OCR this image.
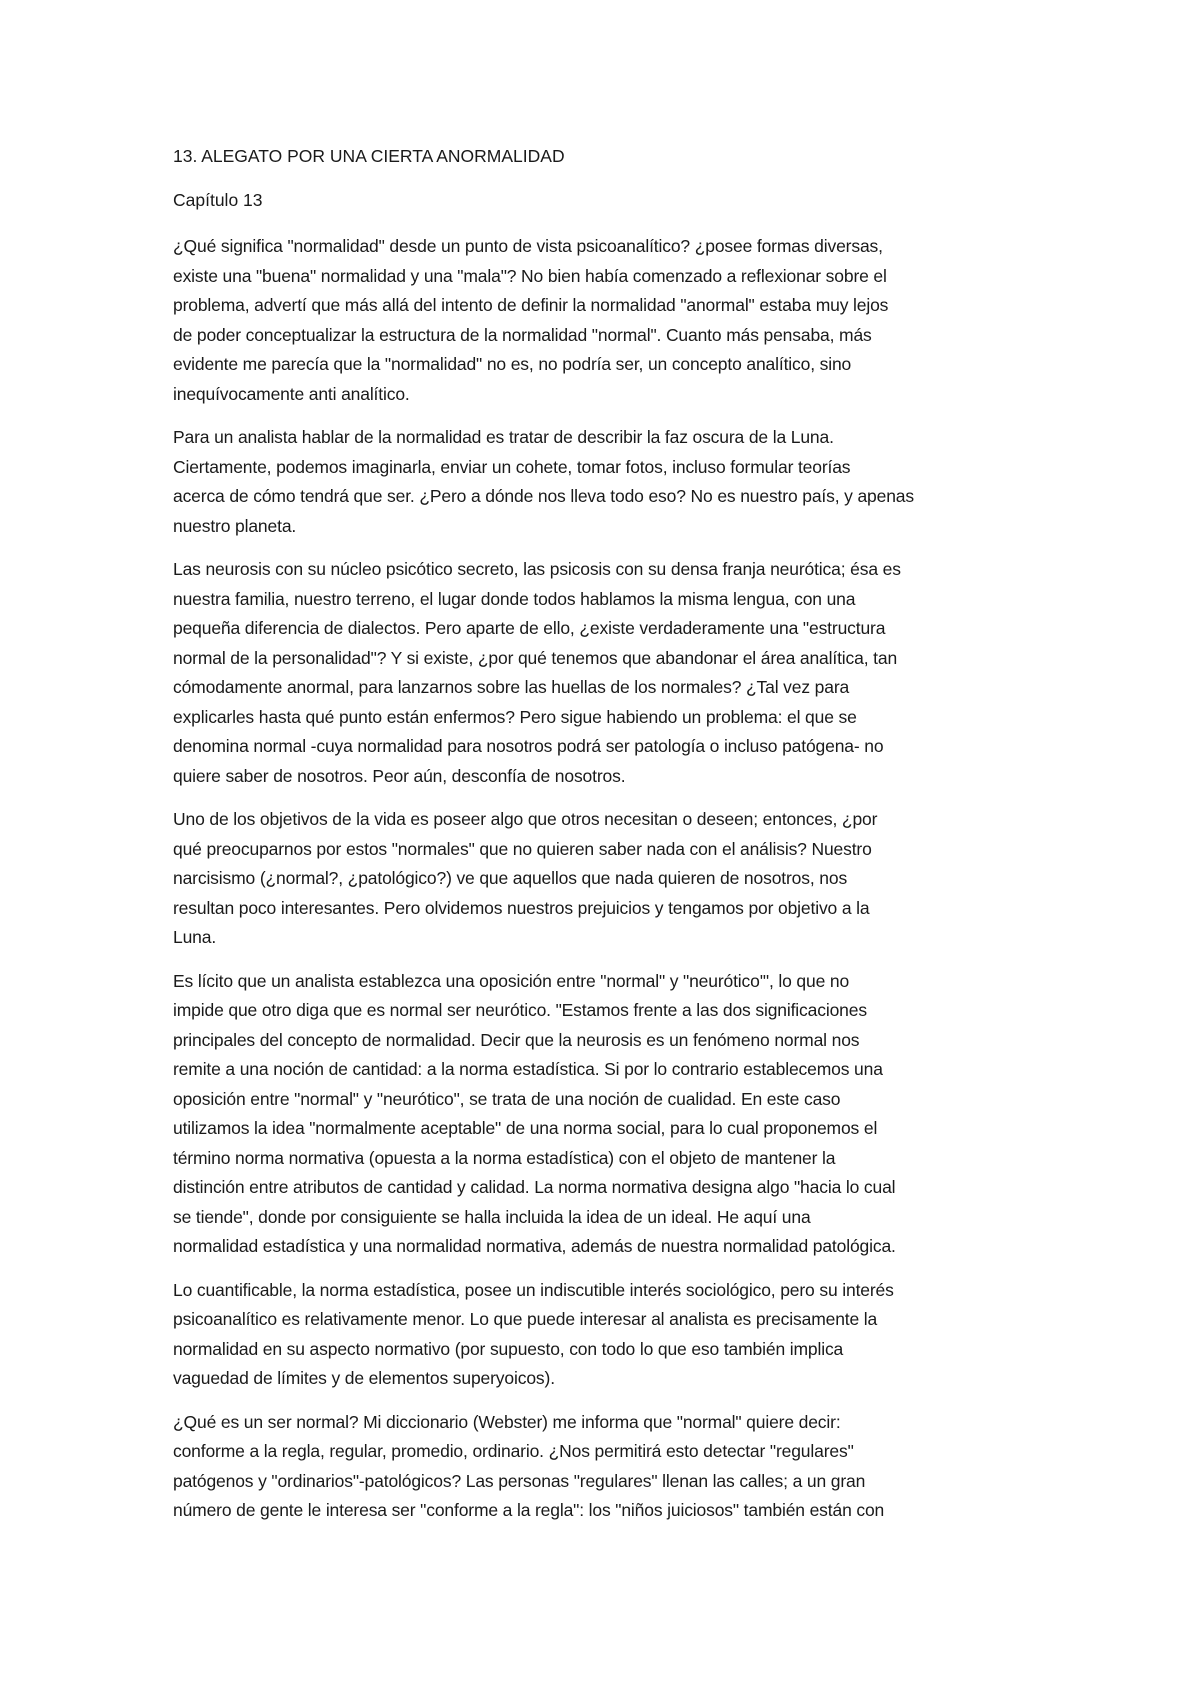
13. ALEGATO POR UNA CIERTA ANORMALIDAD
Capítulo 13

¿Qué significa "normalidad" desde un punto de vista psicoanalítico? ¿posee formas diversas,
existe una "buena" normalidad y una "mala"? No bien había comenzado a reflexionar sobre el
problema, advertí que más allá del intento de definir la normalidad "anormal" estaba muy lejos
de poder conceptualizar la estructura de la normalidad "normal". Cuanto más pensaba, más
evidente me parecía que la "normalidad" no es, no podría ser, un concepto analítico, sino
inequívocamente anti analítico.

Para un analista hablar de la normalidad es tratar de describir la faz oscura de la Luna.
Ciertamente, podemos imaginarla, enviar un cohete, tomar fotos, incluso formular teorías
acerca de cómo tendrá que ser. ¿Pero a dónde nos lleva todo eso? No es nuestro país, y apenas
nuestro planeta.

Las neurosis con su núcleo psicótico secreto, las psicosis con su densa franja neurótica; ésa es
nuestra familia, nuestro terreno, el lugar donde todos hablamos la misma lengua, con una
pequeña diferencia de dialectos. Pero aparte de ello, ¿existe verdaderamente una "estructura
normal de la personalidad"? Y si existe, ¿por qué tenemos que abandonar el área analítica, tan
cómodamente anormal, para lanzarnos sobre las huellas de los normales? ¿Tal vez para
explicarles hasta qué punto están enfermos? Pero sigue habiendo un problema: el que se
denomina normal -cuya normalidad para nosotros podrá ser patología o incluso patógena- no
quiere saber de nosotros. Peor aún, desconfía de nosotros.

Uno de los objetivos de la vida es poseer algo que otros necesitan o deseen; entonces, ¿por
qué preocuparnos por estos "normales" que no quieren saber nada con el análisis? Nuestro
narcisismo (¿normal?, ¿patológico?) ve que aquellos que nada quieren de nosotros, nos
resultan poco interesantes. Pero olvidemos nuestros prejuicios y tengamos por objetivo a la
Luna.

Es lícito que un analista establezca una oposición entre "normal" y "neurótico'", lo que no
impide que otro diga que es normal ser neurótico. "Estamos frente a las dos significaciones
principales del concepto de normalidad. Decir que la neurosis es un fenómeno normal nos
remite a una noción de cantidad: a la norma estadística. Si por lo contrario establecemos una
oposición entre "normal" y "neurótico", se trata de una noción de cualidad. En este caso
utilizamos la idea "normalmente aceptable" de una norma social, para lo cual proponemos el
término norma normativa (opuesta a la norma estadística) con el objeto de mantener la
distinción entre atributos de cantidad y calidad. La norma normativa designa algo "hacia lo cual
se tiende", donde por consiguiente se halla incluida la idea de un ideal. He aquí una
normalidad estadística y una normalidad normativa, además de nuestra normalidad patológica.

Lo cuantificable, la norma estadística, posee un indiscutible interés sociológico, pero su interés
psicoanalítico es relativamente menor. Lo que puede interesar al analista es precisamente la
normalidad en su aspecto normativo (por supuesto, con todo lo que eso también implica
vaguedad de límites y de elementos superyoicos).

¿Qué es un ser normal? Mi diccionario (Webster) me informa que "normal" quiere decir:
conforme a la regla, regular, promedio, ordinario. ¿Nos permitirá esto detectar "regulares"
patógenos y "ordinarios"-patológicos? Las personas "regulares" llenan las calles; a un gran
número de gente le interesa ser "conforme a la regla": los "niños juiciosos" también están con
